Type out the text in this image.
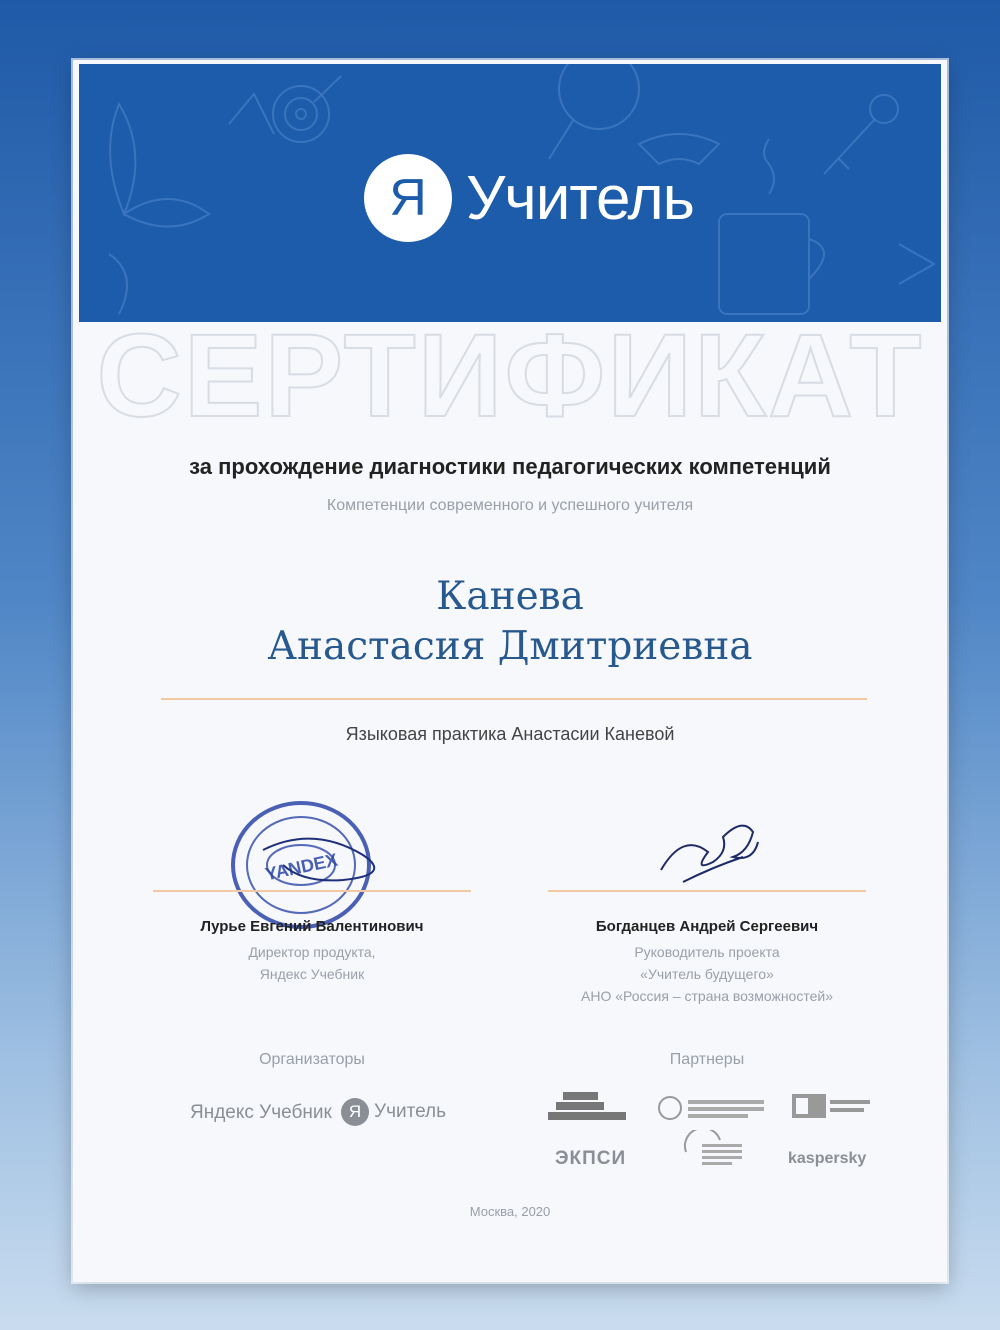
Я Учитель
СЕРТИФИКАТ
за прохождение диагностики педагогических компетенций
Компетенции современного и успешного учителя
Канева
Анастасия Дмитриевна
Языковая практика Анастасии Каневой
YANDEX
Лурье Евгений Валентинович
Директор продукта,
Яндекс Учебник
Богданцев Андрей Сергеевич
Руководитель проекта
«Учитель будущего»
АНО «Россия – страна возможностей»
Организаторы	Партнеры
Яндекс Учебник	Я Учитель
ЭКПСИ	kaspersky
Москва, 2020
